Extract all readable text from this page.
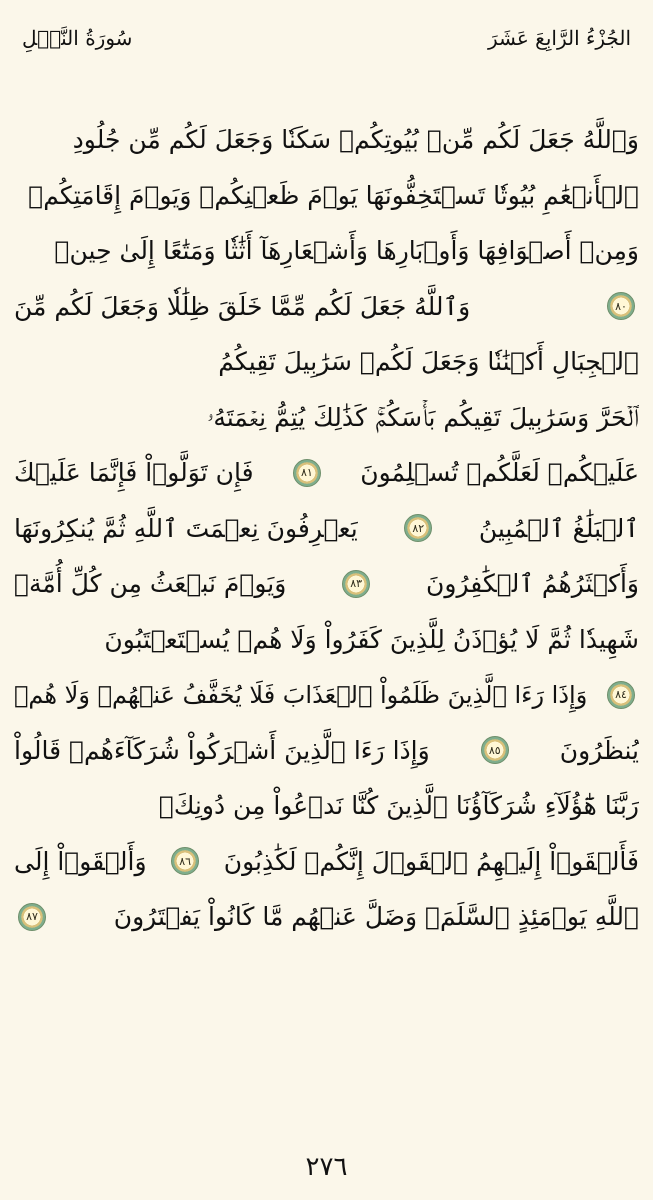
الجُزْءُ الرَّابِعَ عَشَرَ
سُورَةُ النَّحۡلِ
وَٱللَّهُ جَعَلَ لَكُم مِّنۢ بُيُوتِكُمۡ سَكَنٗا وَجَعَلَ لَكُم مِّن جُلُودِ
ٱلۡأَنۡعَٰمِ بُيُوتٗا تَسۡتَخِفُّونَهَا يَوۡمَ ظَعۡنِكُمۡ وَيَوۡمَ إِقَامَتِكُمۡ
وَمِنۡ أَصۡوَافِهَا وَأَوۡبَارِهَا وَأَشۡعَارِهَآ أَثَٰثٗا وَمَتَٰعًا إِلَىٰ حِينٖ
٨٠
وَٱللَّهُ جَعَلَ لَكُم مِّمَّا خَلَقَ ظِلَٰلٗا وَجَعَلَ لَكُم مِّنَ
ٱلۡجِبَالِ أَكۡنَٰنٗا وَجَعَلَ لَكُمۡ سَرَٰبِيلَ تَقِيكُمُ
ٱلۡحَرَّ وَسَرَٰبِيلَ تَقِيكُم بَأۡسَكُمۡۚ كَذَٰلِكَ يُتِمُّ نِعۡمَتَهُۥ
عَلَيۡكُمۡ لَعَلَّكُمۡ تُسۡلِمُونَ
٨١
فَإِن تَوَلَّوۡاْ فَإِنَّمَا عَلَيۡكَ
ٱلۡبَلَٰغُ ٱلۡمُبِينُ
٨٢
يَعۡرِفُونَ نِعۡمَتَ ٱللَّهِ ثُمَّ يُنكِرُونَهَا
وَأَكۡثَرُهُمُ ٱلۡكَٰفِرُونَ
٨٣
وَيَوۡمَ نَبۡعَثُ مِن كُلِّ أُمَّةٖ
شَهِيدٗا ثُمَّ لَا يُؤۡذَنُ لِلَّذِينَ كَفَرُواْ وَلَا هُمۡ يُسۡتَعۡتَبُونَ
٨٤
وَإِذَا رَءَا ٱلَّذِينَ ظَلَمُواْ ٱلۡعَذَابَ فَلَا يُخَفَّفُ عَنۡهُمۡ وَلَا هُمۡ
يُنظَرُونَ
٨٥
وَإِذَا رَءَا ٱلَّذِينَ أَشۡرَكُواْ شُرَكَآءَهُمۡ قَالُواْ
رَبَّنَا هَٰٓؤُلَآءِ شُرَكَآؤُنَا ٱلَّذِينَ كُنَّا نَدۡعُواْ مِن دُونِكَۖ
فَأَلۡقَوۡاْ إِلَيۡهِمُ ٱلۡقَوۡلَ إِنَّكُمۡ لَكَٰذِبُونَ
٨٦
وَأَلۡقَوۡاْ إِلَى
ٱللَّهِ يَوۡمَئِذٍ ٱلسَّلَمَۖ وَضَلَّ عَنۡهُم مَّا كَانُواْ يَفۡتَرُونَ
٨٧
٢٧٦
